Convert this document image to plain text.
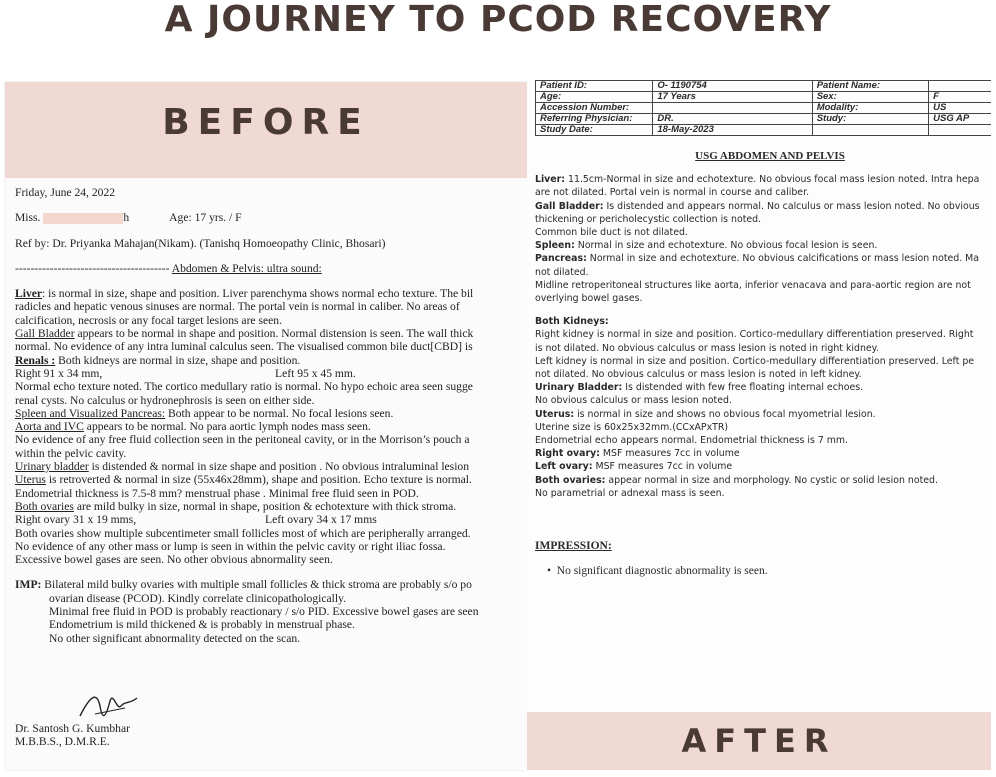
A JOURNEY TO PCOD RECOVERY
BEFORE

Friday, June 24, 2022

Miss.	h	Age: 17 yrs. / F

Ref by: Dr. Priyanka Mahajan(Nikam). (Tanishq Homoeopathy Clinic, Bhosari)

---------------------------------------- Abdomen & Pelvis: ultra sound:

Liver: is normal in size, shape and position. Liver parenchyma shows normal echo texture. The bil

radicles and hepatic venous sinuses are normal. The portal vein is normal in caliber. No areas of

calcification, necrosis or any focal target lesions are seen.

Gall Bladder appears to be normal in shape and position. Normal distension is seen. The wall thick

normal. No evidence of any intra luminal calculus seen. The visualised common bile duct[CBD] is

Renals : Both kidneys are normal in size, shape and position.

Right 91 x 34 mm,	Left 95 x 45 mm.

Normal echo texture noted. The cortico medullary ratio is normal. No hypo echoic area seen sugge

renal cysts. No calculus or hydronephrosis is seen on either side.

Spleen and Visualized Pancreas: Both appear to be normal. No focal lesions seen.

Aorta and IVC appears to be normal. No para aortic lymph nodes mass seen.

No evidence of any free fluid collection seen in the peritoneal cavity, or in the Morrison’s pouch a

within the pelvic cavity.

Urinary bladder is distended & normal in size shape and position . No obvious intraluminal lesion

Uterus is retroverted & normal in size (55x46x28mm), shape and position. Echo texture is normal.

Endometrial thickness is 7.5-8 mm? menstrual phase . Minimal free fluid seen in POD.

Both ovaries are mild bulky in size, normal in shape, position & echotexture with thick stroma.

Right ovary 31 x 19 mms,	Left ovary 34 x 17 mms

Both ovaries show multiple subcentimeter small follicles most of which are peripherally arranged.

No evidence of any other mass or lump is seen in within the pelvic cavity or right iliac fossa.

Excessive bowel gases are seen. No other obvious abnormality seen.

IMP: Bilateral mild bulky ovaries with multiple small follicles & thick stroma are probably s/o po

ovarian disease (PCOD). Kindly correlate clinicopathologically.

Minimal free fluid in POD is probably reactionary / s/o PID. Excessive bowel gases are seen

Endometrium is mild thickened & is probably in menstrual phase.

No other significant abnormality detected on the scan.

Dr. Santosh G. Kumbhar

M.B.B.S., D.M.R.E.

Patient ID:	O- 1190754	Patient Name:	
Age:	17 Years	Sex:	F
Accession Number:		Modality:	US
Referring Physician:	DR.	Study:	USG AP
Study Date:	18-May-2023		

USG ABDOMEN AND PELVIS

Liver: 11.5cm-Normal in size and echotexture. No obvious focal mass lesion noted. Intra hepa

are not dilated. Portal vein is normal in course and caliber.

Gall Bladder: Is distended and appears normal. No calculus or mass lesion noted. No obvious

thickening or pericholecystic collection is noted.

Common bile duct is not dilated.

Spleen: Normal in size and echotexture. No obvious focal lesion is seen.

Pancreas: Normal in size and echotexture. No obvious calcifications or mass lesion noted. Ma

not dilated.

Midline retroperitoneal structures like aorta, inferior venacava and para-aortic region are not

overlying bowel gases.

Both Kidneys:

Right kidney is normal in size and position. Cortico-medullary differentiation preserved. Right

is not dilated. No obvious calculus or mass lesion is noted in right kidney.

Left kidney is normal in size and position. Cortico-medullary differentiation preserved. Left pe

not dilated. No obvious calculus or mass lesion is noted in left kidney.

Urinary Bladder: Is distended with few free floating internal echoes.

No obvious calculus or mass lesion noted.

Uterus: is normal in size and shows no obvious focal myometrial lesion.

Uterine size is 60x25x32mm.(CCxAPxTR)

Endometrial echo appears normal. Endometrial thickness is 7 mm.

Right ovary: MSF measures 7cc in volume

Left ovary: MSF measures 7cc in volume

Both ovaries: appear normal in size and morphology. No cystic or solid lesion noted.

No parametrial or adnexal mass is seen.

IMPRESSION:

•  No significant diagnostic abnormality is seen.

AFTER
